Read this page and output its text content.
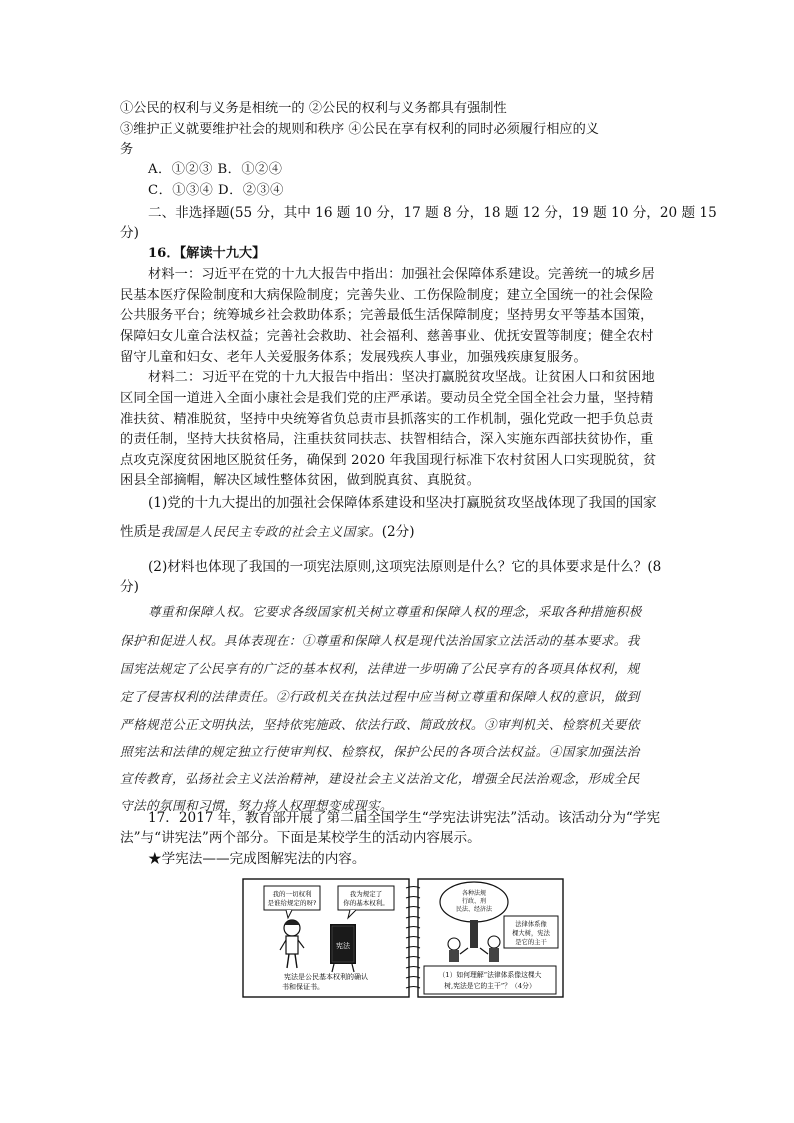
①公民的权利与义务是相统一的 ②公民的权利与义务都具有强制性
③维护正义就要维护社会的规则和秩序 ④公民在享有权利的同时必须履行相应的义
务
A．①②③ B．①②④
C．①③④ D．②③④
二、非选择题(55 分，其中 16 题 10 分，17 题 8 分，18 题 12 分，19 题 10 分，20 题 15
分)
16．【解读十九大】
材料一：习近平在党的十九大报告中指出：加强社会保障体系建设。完善统一的城乡居
民基本医疗保险制度和大病保险制度；完善失业、工伤保险制度；建立全国统一的社会保险
公共服务平台；统筹城乡社会救助体系；完善最低生活保障制度；坚持男女平等基本国策，
保障妇女儿童合法权益；完善社会救助、社会福利、慈善事业、优抚安置等制度；健全农村
留守儿童和妇女、老年人关爱服务体系；发展残疾人事业，加强残疾康复服务。
材料二：习近平在党的十九大报告中指出：坚决打赢脱贫攻坚战。让贫困人口和贫困地
区同全国一道进入全面小康社会是我们党的庄严承诺。要动员全党全国全社会力量，坚持精
准扶贫、精准脱贫，坚持中央统筹省负总责市县抓落实的工作机制，强化党政一把手负总责
的责任制，坚持大扶贫格局，注重扶贫同扶志、扶智相结合，深入实施东西部扶贫协作，重
点攻克深度贫困地区脱贫任务，确保到 2020 年我国现行标准下农村贫困人口实现脱贫，贫
困县全部摘帽，解决区域性整体贫困，做到脱真贫、真脱贫。
(1)党的十九大提出的加强社会保障体系建设和坚决打赢脱贫攻坚战体现了我国的国家
性质是我国是人民民主专政的社会主义国家。(2分)
(2)材料也体现了我国的一项宪法原则,这项宪法原则是什么？它的具体要求是什么？(8
分)
尊重和保障人权。它要求各级国家机关树立尊重和保障人权的理念，采取各种措施积极
保护和促进人权。具体表现在：①尊重和保障人权是现代法治国家立法活动的基本要求。我
国宪法规定了公民享有的广泛的基本权利，法律进一步明确了公民享有的各项具体权利，规
定了侵害权利的法律责任。②行政机关在执法过程中应当树立尊重和保障人权的意识，做到
严格规范公正文明执法，坚持依宪施政、依法行政、简政放权。③审判机关、检察机关要依
照宪法和法律的规定独立行使审判权、检察权，保护公民的各项合法权益。④国家加强法治
宣传教育，弘扬社会主义法治精神，建设社会主义法治文化，增强全民法治观念，形成全民
守法的氛围和习惯，努力将人权理想变成现实。
17．2017 年，教育部开展了第二届全国学生“学宪法讲宪法”活动。该活动分为“学宪
法”与“讲宪法”两个部分。下面是某校学生的活动内容展示。
★学宪法——完成图解宪法的内容。
我的一切权利
是谁给规定的呀?
我为规定了
你的基本权利。
宪法
宪法是公民基本权利的确认
书和保证书。
各种法规
行政、刑
民法、经济法
法律体系像
棵大树，宪法
是它的主干
（1）如何理解“法律体系像这棵大
树,宪法是它的主干”？（4分）
